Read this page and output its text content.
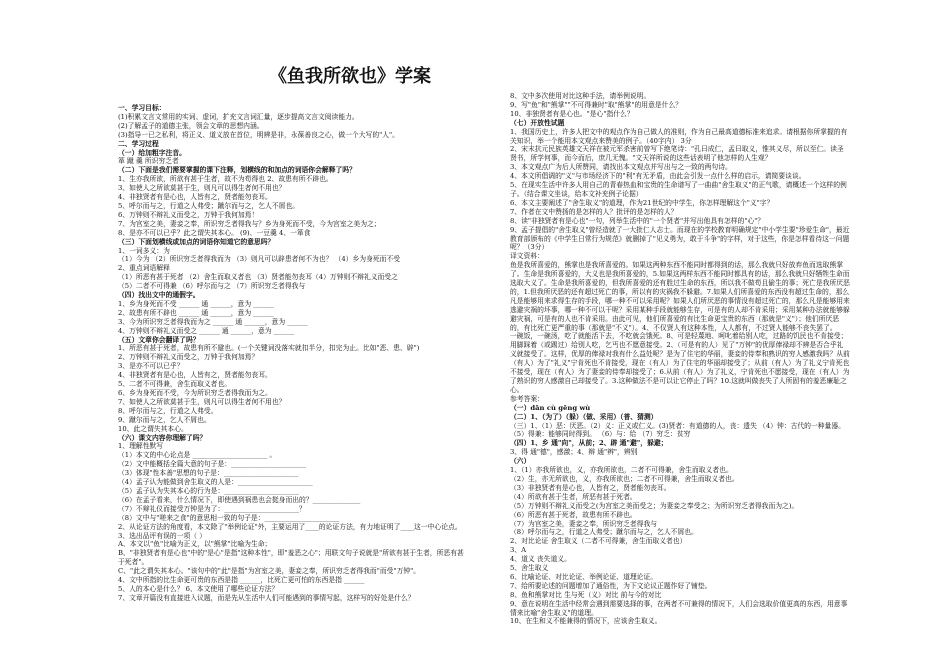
《鱼我所欲也》学案
一、学习目标：
(1)积累文言文常用的实词、虚词，扩充文言词汇量，逐步提高文言文阅读能力。
(2)了解孟子的道德主张，领会文章的思想内涵。
(3)指导一已之私利，将正义、道义放在首位，明辨是非，永葆善良之心，做一个大写的"人"。
二、学习过程
（一）给加粗字注音。
箪 蹴 羹 所识穷乏者
（二）下面是我们需要掌握的课下注释，划横线的和加点的词语你会解释了吗？
1、生亦我所欲，所欲有甚于生者，故不为苟得也 2、故患有所不辟也。
3、如使人之所欲莫甚于生，则凡可以得生者何不用也？
4、非独贤者有是心也，人皆有之，贤者能勿丧耳。
5、呼尔而与之，行道之人弗受；蹴尔而与之，乞人不屑也。
6、万钟则不辩礼义而受之，万钟于我何加焉！
7、为宫室之美，妻妾之奉，所识穷乏者得我与？乡为身死而不受，今为宫室之美为之；
8、是亦不可以已乎？此之谓失其本心。 (9)、一豆羹 4、一箪食
（三）下面划横线或加点的词语你知道它的意思吗？
1、一词多义：为
（1）今为 （2）所识穷乏者得我而为 （3）则凡可以辟患者何不为也？ （4）乡为身死而不受
2、重点词语解释
（1）所恶有甚于死者 （2）舍生而取义者也 （3）贤者能勿丧耳（4）万钟则不辩礼义而受之
（5）二者不可得兼 （6）呼尔而与之 （7）所识穷乏者得我与
（四）找出文中的通假字。
1、乡为身死而不受 ______ 通 ______，意为 ______
2、故患有所不辟也 ______ 通 ______，意为 ______
3、今为所识穷乏者得我而为之 ______ 通 ______，意为 ______
4、万钟则不辩礼义而受之 ______ 通 ______，意为 ______
（五）文章你会翻译了吗？
1、所恶有甚于死者，故患有所不避也。(一个关键词没落实就扣半分，扣完为止。比如"恶、患、辟")
2、万钟则不辩礼义而受之，万钟于我何加焉？
3、是亦不可以已乎？
4、非独贤者有是心也，人皆有之，贤者能勿丧耳。
5、二者不可得兼，舍生而取义者也。
6、乡为身死而不受，今为所识穷乏者得我而为之。
7、如使人之所欲莫甚于生，则凡可以得生者何不用也？
8、呼尔而与之，行道之人弗受。
9、蹴尔而与之，乞人不屑也。
10、此之谓失其本心。
（六）课文内容你理解了吗？
1、理解性默写
（1）本文的中心论点是 ______________________ 。
（2）文中能概括全篇大意的句子是：______________________
（3）体现"性本善"思想的句子是：______________________
（4）孟子认为能做到舍生取义的人是：______________________
（5）孟子认为失其本心的行为是：______________________
（6）在孟子看来，什么情况下，即使遇到祸患也会挺身而出的？______________
（7）不辩礼仪而接受万钟是为了：______________________？
（8）文中与"嗟来之食"的意思相一致的句子是：______________________
2、从论证方法的角度看，本文除了"举例论证"外，主要运用了____的论证方法，有力地证明了____这一中心论点。
3、选出品评有误的一项（ ）
A、本文以"鱼"比喻为正义，以"熊掌"比喻为生命；
B、"非独贤者有是心也"中的"是心"是指"这种本性"，即"羞恶之心"；用联文句子说就是"所欲有甚于生者，所恶有甚于死者"。
C、"此之谓失其本心。"该句中的"此"是指"为宫室之美，妻妾之奉，所识穷乏者得我而"而受"万钟"。
4、文中所指的比生命更可贵的东西是指 ______，比死亡更可怕的东西是指 ______
5、人的本心是什么？ 6、本文使用了哪些论证方法？
7、文章开篇没有直接进入议题，而是先从生活中人们可能遇到的事情写起，这样写的好处是什么？
8、文中多次使用对比这种手法，请举例说明。
9、写"鱼"和"熊掌""不可得兼时"取"熊掌"的用意是什么？
10、非独贤者有是心也。"是心"指什么？
（七）开放性试题
1、我国历史上，许多人把文中的观点作为自己做人的准则，作为自己最高道德标准来追求。请根据你所掌握的有关知识，举一个能用本文观点来赞美的例子。（40字内） 3分
2、宋末抗元民族英雄文天祥在被元军杀害前曾写下绝笔诗："孔曰成仁，孟曰取义，惟其义尽，所以至仁。读圣贤书，所学何事，而今而后，庶几无愧。"文天祥所说的这些话表明了他怎样的人生观？
3、本文观点广为后人所赞同，请找出本文观点并写出与之一致的两句诗。
4、本文所倡调的"义"与市场经济下的"利"有无矛盾，由此会引发一点什么样的启示，请简要谈谈。
5、在现实生活中许多人用自己的青春热血和宝贵的生命谱写了一曲曲"舍生取义"的正气歌，请概述一个这样的例子。（结合课文坐谈，给本文补充例子论据）
6、本文主要阐述了"舍生取义"的道理，作为21世纪的中学生，你怎样理解这个"义"字？
7、作者在文中赞扬的是怎样的人？批评的是怎样的人？
8、读"非独贤者有是心也"一句，列举生活中的"一个贤者"并写出他具有怎样的"心"？
9、孟子提倡的"舍生取义"曾经造就了一大批仁人志士。而现在的学校教育明确规定"中小学生要"珍爱生命"，最近教育部颁布的《中学生日常行为规范》就删掉了"见义勇为，敢于斗争"的字样，对于这些，你是怎样看待这一问题呢？（3分）
译文资料：
鱼是我所喜爱的，熊掌也是我所喜爱的。如果这两种东西不能同时都得到的话，那么我就只好放弃鱼而选取熊掌了。生命是我所喜爱的，大义也是我所喜爱的，5.如果这两样东西不能同时都具有的话，那么我就只好牺牲生命而选取大义了。生命是我所喜爱的，但我所喜爱的还有胜过生命的东西，所以我不做苟且偷生的事；死亡是我所厌恶的，1.但我所厌恶的还有超过死亡的事，所以有的灾祸我不躲避。7.如果人们所喜爱的东西没有超过生命的，那么凡是能够用来求得生存的手段，哪一种不可以采用呢？如果人们所厌恶的事情没有超过死亡的，那么凡是能够用来逃避灾祸的坏事，哪一种不可以干呢？采用某种手段就能够生存，可是有的人却不肯采用；采用某种办法就能够躲避灾祸，可是有的人也不肯采用。由此可见，他们所喜爱的有比生命更宝贵的东西（那就是"义"）；他们所厌恶的，有比死亡更严重的事（那就是"不义"）。4、不仅贤人有这种本性，人人都有，不过贤人能够不丧失罢了。
一碗饭，一碗汤，吃了就能活下去，不吃就会饿死。8、可是轻蔑地、呵叱着给别人吃，过路的饥民也不肯接受；用脚踩着（或踢过）给别人吃，乞丐也不愿意接受。2、（可是有的人）见了"万钟"的优厚俸禄却不辨是否合乎礼义就接受了。这样，优厚的俸禄对我有什么益处呢？是为了住宅的华丽，妻妾的侍奉和熟识的穷人感激我吗？从前（有人）为了"礼义"宁肯死也不肯接受，现在（有人）为了住宅的华丽却接受了；从前（有人）为了礼义宁肯死也不接受，现在（有人）为了妻妾的侍奉却接受了；6.从前（有人）为了礼义，宁肯死也不愿接受，现在（有人）为了熟识的穷人感激自己却接受了。3.这种做法不是可以让它停止了吗？10.这就叫做丧失了人所固有的羞恶廉耻之心。
参考答案：
（一）dān cù gēng wù
（二）1、（为了）（躲）（做、采用）（普、猜测）
（三）1、（1）恶：厌恶。（2）义：正义或仁义。(3)贤者：有道德的人，丧：遗失 （4）钟：古代的一种量器。
（5）得兼：能够同时得到。 （6）与：给 （7）穷乏：贫穷
（四）1、乡 通"向"，从前；2、辟 通"避"，躲避；
3、得 通"德"，感激；4、辩 通"辨"，辨别
（六）
1、（1）亦我所欲也，义，亦我所欲也，二者不可得兼，舍生而取义者也。
（2）生，亦无所欲也，义，亦我所欲也；二者不可得兼，舍生而取义者也。
（3）非独贤者有是心也，人皆有之，贤者能勿丧耳。
（4）所欲有甚于生者，所恶有甚于死者。
（5）万钟则不辩礼义而受之(为宫室之美而受之；为妻妾之奉受之；为所识穷乏者得我而为之)。
（6）所恶有甚于死者，故患有所不辟也。
（7）为宫室之美，妻妾之奉，所识穷乏者得我与
（8）呼尔而与之，行道之人弗受；蹴尔而与之，乞人不屑也。
2、对比论证 舍生取义（二者不可得兼，舍生而取义者也）
3、A
4、道义 丧失道义。
5、舍生取义
6、比喻论证、对比论证、举例论证、道理论证。
7、给所要论述的问题增加了通俗性，为下文论议正题作好了铺垫。
8、鱼和熊掌对比 生与死（义）对比 前与今的对比
9、意在说明在生活中经常会遇到需要选择的事，在两者不可兼得的情况下，人们会选取价值更高的东西，用意事情来比喻"舍生取义"的道理。
10、在生和义不能兼得的情况下，应该舍生取义。
